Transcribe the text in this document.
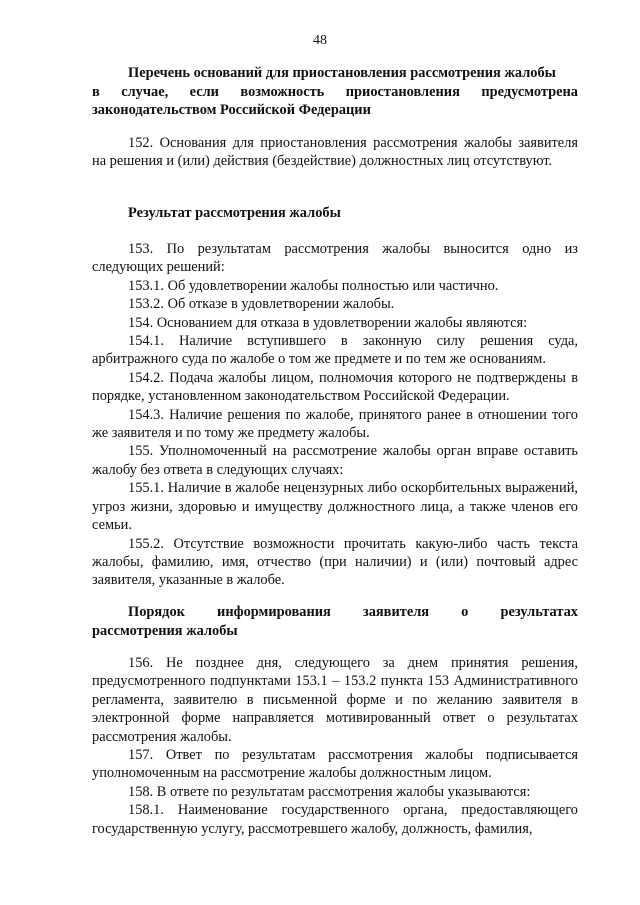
48
Перечень оснований для приостановления рассмотрения жалобы
в случае, если возможность приостановления предусмотрена законодательством Российской Федерации

152. Основания для приостановления рассмотрения жалобы заявителя на решения и (или) действия (бездействие) должностных лиц отсутствуют.

Результат рассмотрения жалобы

153. По результатам рассмотрения жалобы выносится одно из следующих решений:

153.1. Об удовлетворении жалобы полностью или частично.

153.2. Об отказе в удовлетворении жалобы.

154. Основанием для отказа в удовлетворении жалобы являются:

154.1. Наличие вступившего в законную силу решения суда, арбитражного суда по жалобе о том же предмете и по тем же основаниям.

154.2. Подача жалобы лицом, полномочия которого не подтверждены в порядке, установленном законодательством Российской Федерации.

154.3. Наличие решения по жалобе, принятого ранее в отношении того же заявителя и по тому же предмету жалобы.

155. Уполномоченный на рассмотрение жалобы орган вправе оставить жалобу без ответа в следующих случаях:

155.1. Наличие в жалобе нецензурных либо оскорбительных выражений, угроз жизни, здоровью и имуществу должностного лица, а также членов его семьи.

155.2. Отсутствие возможности прочитать какую-либо часть текста жалобы, фамилию, имя, отчество (при наличии) и (или) почтовый адрес заявителя, указанные в жалобе.

Порядок информирования заявителя о результатах
рассмотрения жалобы

156. Не позднее дня, следующего за днем принятия решения, предусмотренного подпунктами 153.1 – 153.2 пункта 153 Административного регламента, заявителю в письменной форме и по желанию заявителя в электронной форме направляется мотивированный ответ о результатах рассмотрения жалобы.

157. Ответ по результатам рассмотрения жалобы подписывается уполномоченным на рассмотрение жалобы должностным лицом.

158. В ответе по результатам рассмотрения жалобы указываются:

158.1. Наименование государственного органа, предоставляющего государственную услугу, рассмотревшего жалобу, должность, фамилия,
